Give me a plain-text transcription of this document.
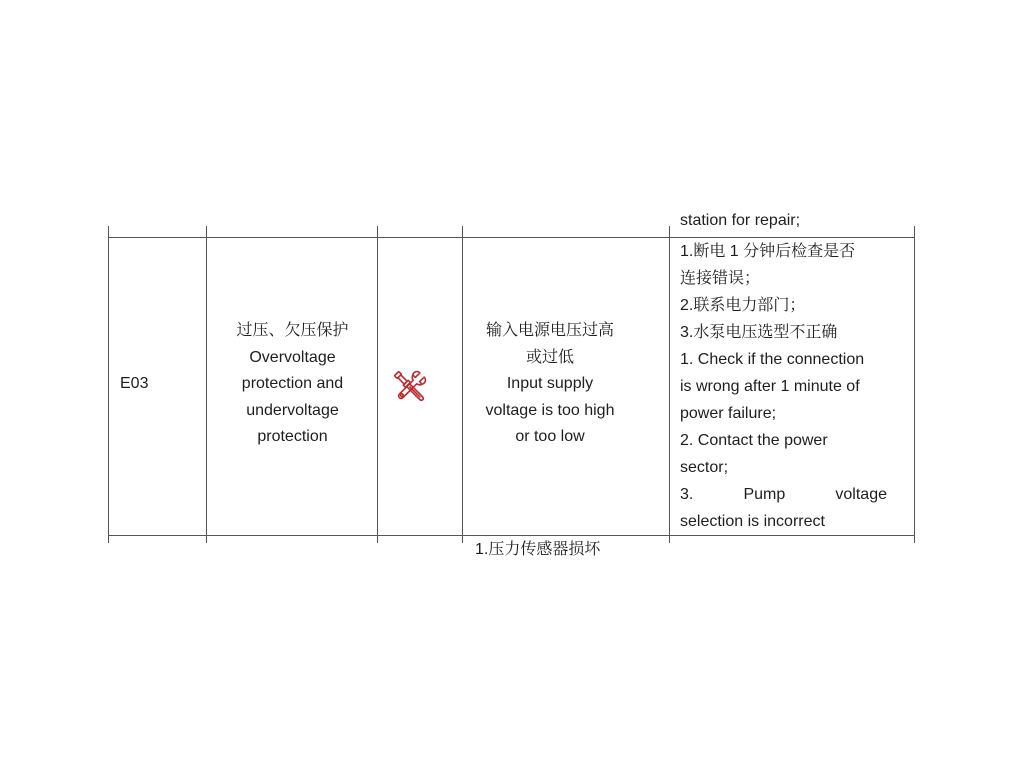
station for repair;
E03
过压、欠压保护
Overvoltage
protection and
undervoltage
protection
输入电源电压过高
或过低
Input supply
voltage is too high
or too low

1.断电 1 分钟后检查是否

连接错误；

2.联系电力部门；

3.水泵电压选型不正确

1. Check if the connection

is wrong after 1 minute of

power failure;

2. Contact the power

sector;

3.	Pump	voltage

selection is incorrect

1.压力传感器损坏
